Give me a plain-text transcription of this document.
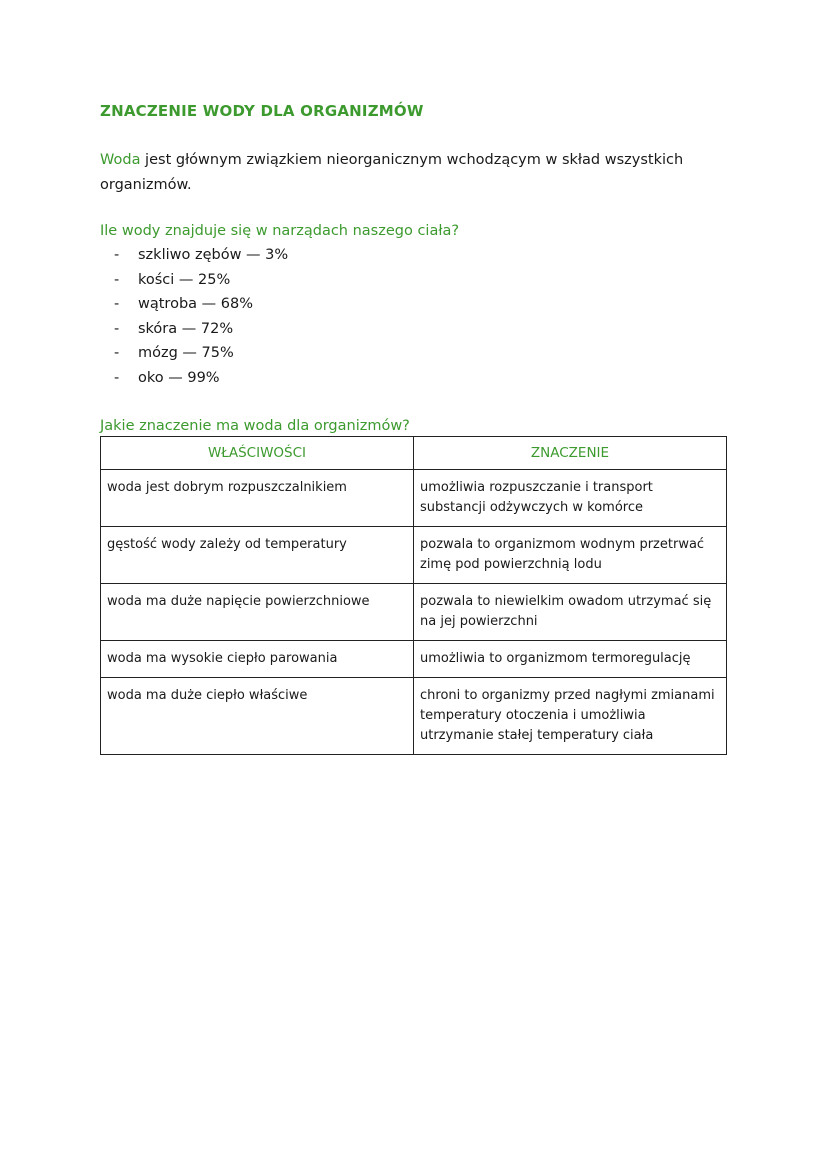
ZNACZENIE WODY DLA ORGANIZMÓW

Woda jest głównym związkiem nieorganicznym wchodzącym w skład wszystkich organizmów.

Ile wody znajduje się w narządach naszego ciała?
- szkliwo zębów — 3%
- kości — 25%
- wątroba — 68%
- skóra — 72%
- mózg — 75%
- oko — 99%
Jakie znaczenie ma woda dla organizmów?
WŁAŚCIWOŚCI	ZNACZENIE
woda jest dobrym rozpuszczalnikiem	umożliwia rozpuszczanie i transport substancji odżywczych w komórce
gęstość wody zależy od temperatury	pozwala to organizmom wodnym przetrwać zimę pod powierzchnią lodu
woda ma duże napięcie powierzchniowe	pozwala to niewielkim owadom utrzymać się na jej powierzchni
woda ma wysokie ciepło parowania	umożliwia to organizmom termoregulację
woda ma duże ciepło właściwe	chroni to organizmy przed nagłymi zmianami temperatury otoczenia i umożliwia utrzymanie stałej temperatury ciała
